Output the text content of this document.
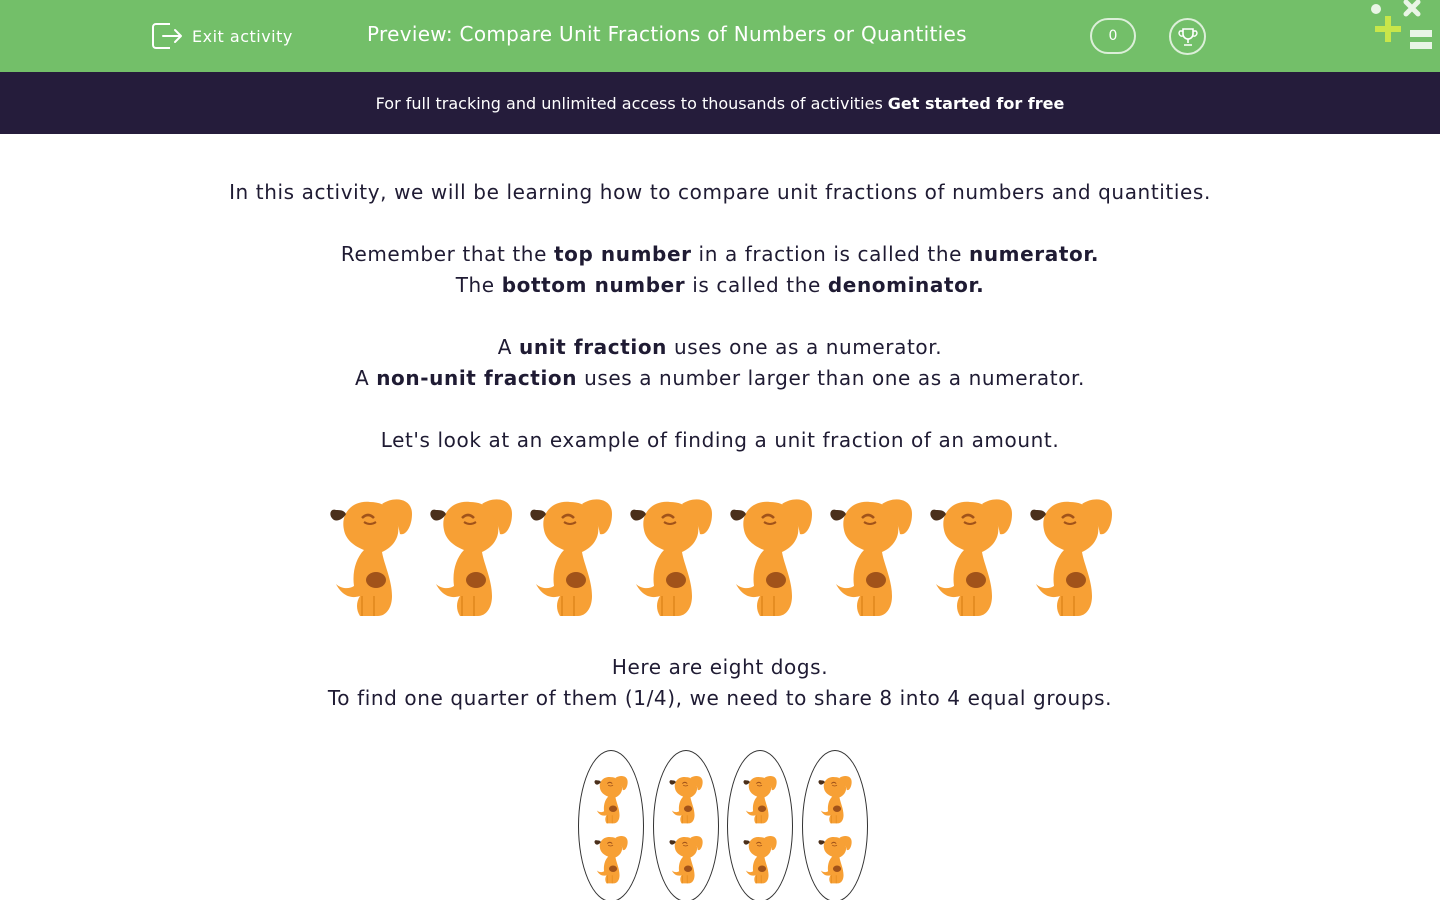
Exit activity	Preview: Compare Unit Fractions of Numbers or Quantities	0
For full tracking and unlimited access to thousands of activities Get started for free

In this activity, we will be learning how to compare unit fractions of numbers and quantities.

Remember that the top number in a fraction is called the numerator.

The bottom number is called the denominator.

A unit fraction uses one as a numerator.

A non-unit fraction uses a number larger than one as a numerator.

Let's look at an example of finding a unit fraction of an amount.

Here are eight dogs.

To find one quarter of them (1/4), we need to share 8 into 4 equal groups.
